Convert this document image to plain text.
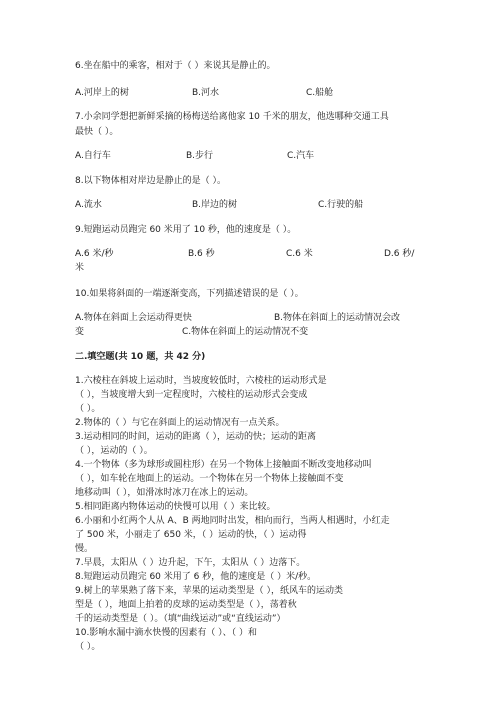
6.坐在船中的乘客，相对于（ ）来说其是静止的。
A.河岸上的树	B.河水	C.船舱
7.小余同学想把新鲜采摘的杨梅送给离他家 10 千米的朋友，他选哪种交通工具
最快（ ）。
A.自行车	B.步行	C.汽车
8.以下物体相对岸边是静止的是（ ）。
A.流水	B.岸边的树	C.行驶的船
9.短跑运动员跑完 60 米用了 10 秒，他的速度是（ ）。
A.6 米/秒	B.6 秒	C.6 米	D.6 秒/
米
10.如果将斜面的一端逐渐变高，下列描述错误的是（ ）。
A.物体在斜面上会运动得更快	B.物体在斜面上的运动情况会改
变	C.物体在斜面上的运动情况不变
二.填空题(共 10 题，共 42 分)
1.六棱柱在斜坡上运动时，当坡度较低时，六棱柱的运动形式是
（ ），当坡度增大到一定程度时，六棱柱的运动形式会变成
（ ）。
2.物体的（ ）与它在斜面上的运动情况有一点关系。
3.运动相同的时间，运动的距离（ ），运动的快；运动的距离
（ ），运动的（ ）。
4.一个物体（多为球形或圆柱形）在另一个物体上接触面不断改变地移动叫
（ ），如车轮在地面上的运动。一个物体在另一个物体上接触面不变
地移动叫（ ），如滑冰时冰刀在冰上的运动。
5.相同距离内物体运动的快慢可以用（ ）来比较。
6.小丽和小红两个人从 A、B 两地同时出发，相向而行，当两人相遇时，小红走
了 500 米，小丽走了 650 米，（ ）运动的快，（ ）运动得
慢。
7.早晨，太阳从（ ）边升起，下午，太阳从（ ）边落下。
8.短跑运动员跑完 60 米用了 6 秒，他的速度是（ ）米/秒。
9.树上的苹果熟了落下来，苹果的运动类型是（ ），纸风车的运动类
型是（ ），地面上拍着的皮球的运动类型是（ ），荡着秋
千的运动类型是（ ）。（填“曲线运动”或“直线运动”）
10.影响水漏中滴水快慢的因素有（ ）、（ ）和
（ ）。
